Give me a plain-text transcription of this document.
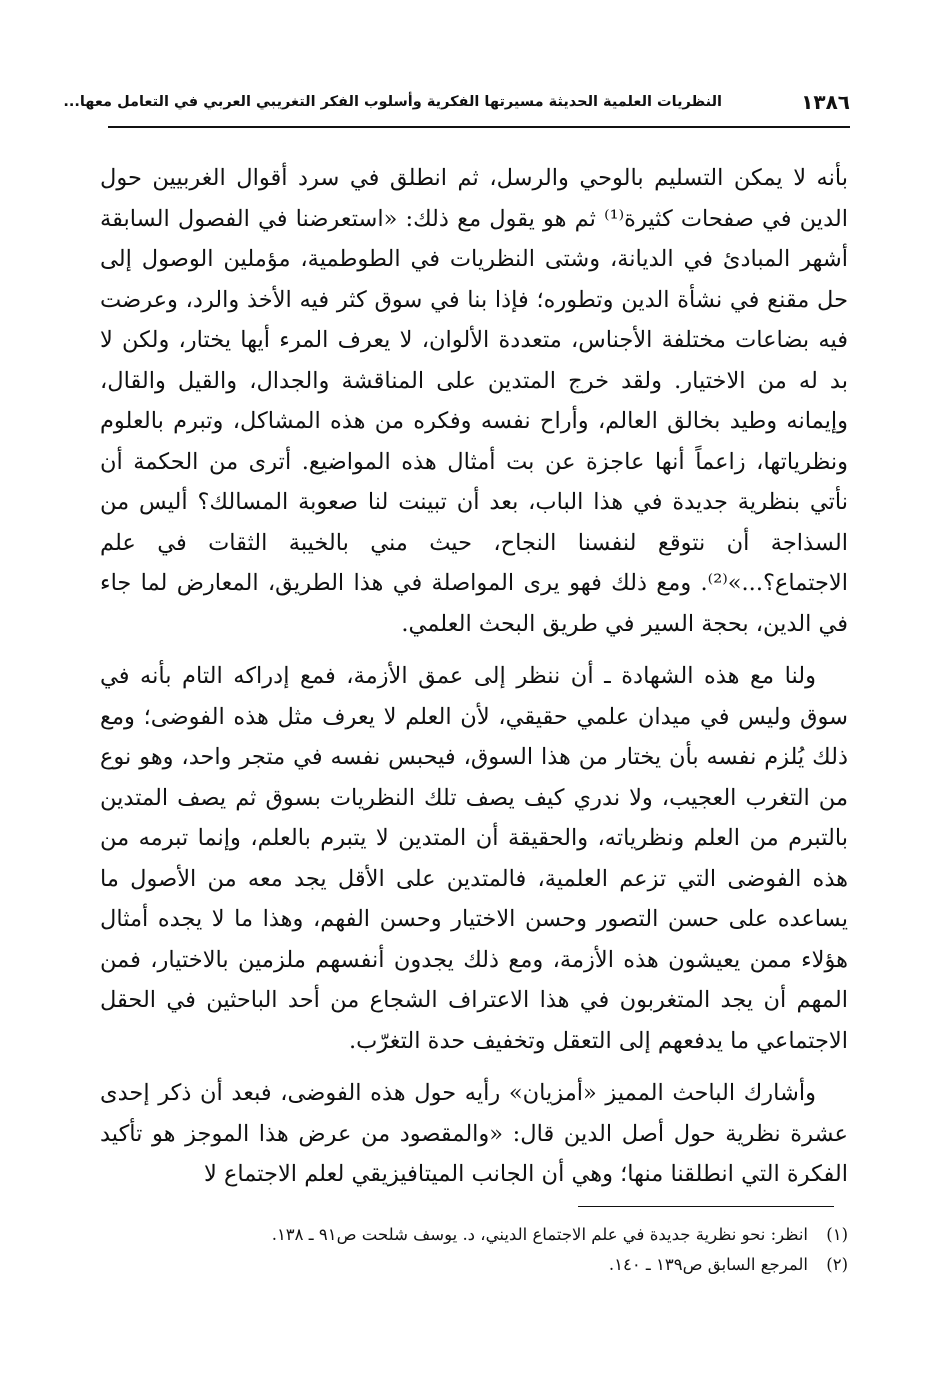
١٣٨٦
النظريات العلمية الحديثة مسيرتها الفكرية وأسلوب الفكر التغريبي العربي في التعامل معها...

بأنه لا يمكن التسليم بالوحي والرسل، ثم انطلق في سرد أقوال الغربيين حول الدين في صفحات كثيرة⁽¹⁾ ثم هو يقول مع ذلك: «استعرضنا في الفصول السابقة أشهر المبادئ في الديانة، وشتى النظريات في الطوطمية، مؤملين الوصول إلى حل مقنع في نشأة الدين وتطوره؛ فإذا بنا في سوق كثر فيه الأخذ والرد، وعرضت فيه بضاعات مختلفة الأجناس، متعددة الألوان، لا يعرف المرء أيها يختار، ولكن لا بد له من الاختيار. ولقد خرج المتدين على المناقشة والجدال، والقيل والقال، وإيمانه وطيد بخالق العالم، وأراح نفسه وفكره من هذه المشاكل، وتبرم بالعلوم ونظرياتها، زاعماً أنها عاجزة عن بت أمثال هذه المواضيع. أترى من الحكمة أن نأتي بنظرية جديدة في هذا الباب، بعد أن تبينت لنا صعوبة المسالك؟ أليس من السذاجة أن نتوقع لنفسنا النجاح، حيث مني بالخيبة الثقات في علم الاجتماع؟...»⁽²⁾. ومع ذلك فهو يرى المواصلة في هذا الطريق، المعارض لما جاء في الدين، بحجة السير في طريق البحث العلمي.

ولنا مع هذه الشهادة ـ أن ننظر إلى عمق الأزمة، فمع إدراكه التام بأنه في سوق وليس في ميدان علمي حقيقي، لأن العلم لا يعرف مثل هذه الفوضى؛ ومع ذلك يُلزم نفسه بأن يختار من هذا السوق، فيحبس نفسه في متجر واحد، وهو نوع من التغرب العجيب، ولا ندري كيف يصف تلك النظريات بسوق ثم يصف المتدين بالتبرم من العلم ونظرياته، والحقيقة أن المتدين لا يتبرم بالعلم، وإنما تبرمه من هذه الفوضى التي تزعم العلمية، فالمتدين على الأقل يجد معه من الأصول ما يساعده على حسن التصور وحسن الاختيار وحسن الفهم، وهذا ما لا يجده أمثال هؤلاء ممن يعيشون هذه الأزمة، ومع ذلك يجدون أنفسهم ملزمين بالاختيار، فمن المهم أن يجد المتغربون في هذا الاعتراف الشجاع من أحد الباحثين في الحقل الاجتماعي ما يدفعهم إلى التعقل وتخفيف حدة التغرّب.

وأشارك الباحث المميز «أمزيان» رأيه حول هذه الفوضى، فبعد أن ذكر إحدى عشرة نظرية حول أصل الدين قال: «والمقصود من عرض هذا الموجز هو تأكيد الفكرة التي انطلقنا منها؛ وهي أن الجانب الميتافيزيقي لعلم الاجتماع لا

(١)
انظر: نحو نظرية جديدة في علم الاجتماع الديني، د. يوسف شلحت ص٩١ ـ ١٣٨.
(٢)
المرجع السابق ص١٣٩ ـ ١٤٠.
